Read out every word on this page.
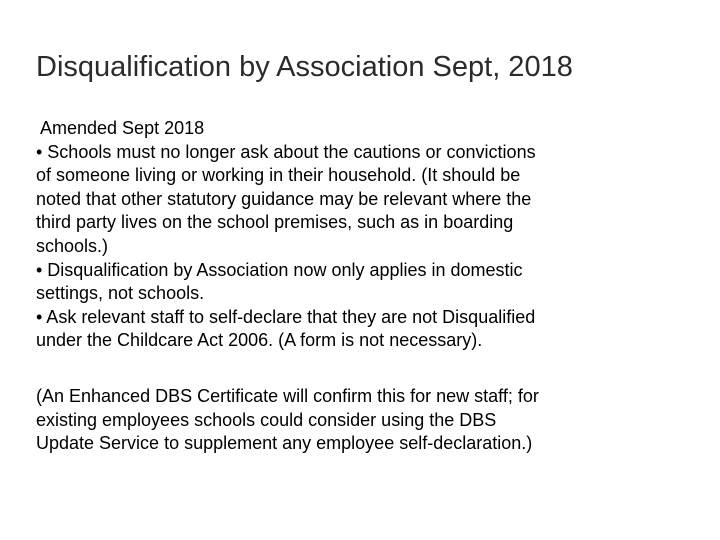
Disqualification by Association Sept, 2018
Amended Sept 2018
• Schools must no longer ask about the cautions or convictions
of someone living or working in their household. (It should be
noted that other statutory guidance may be relevant where the
third party lives on the school premises, such as in boarding
schools.)
• Disqualification by Association now only applies in domestic
settings, not schools.
• Ask relevant staff to self-declare that they are not Disqualified
under the Childcare Act 2006. (A form is not necessary).
(An Enhanced DBS Certificate will confirm this for new staff; for
existing employees schools could consider using the DBS
Update Service to supplement any employee self-declaration.)
